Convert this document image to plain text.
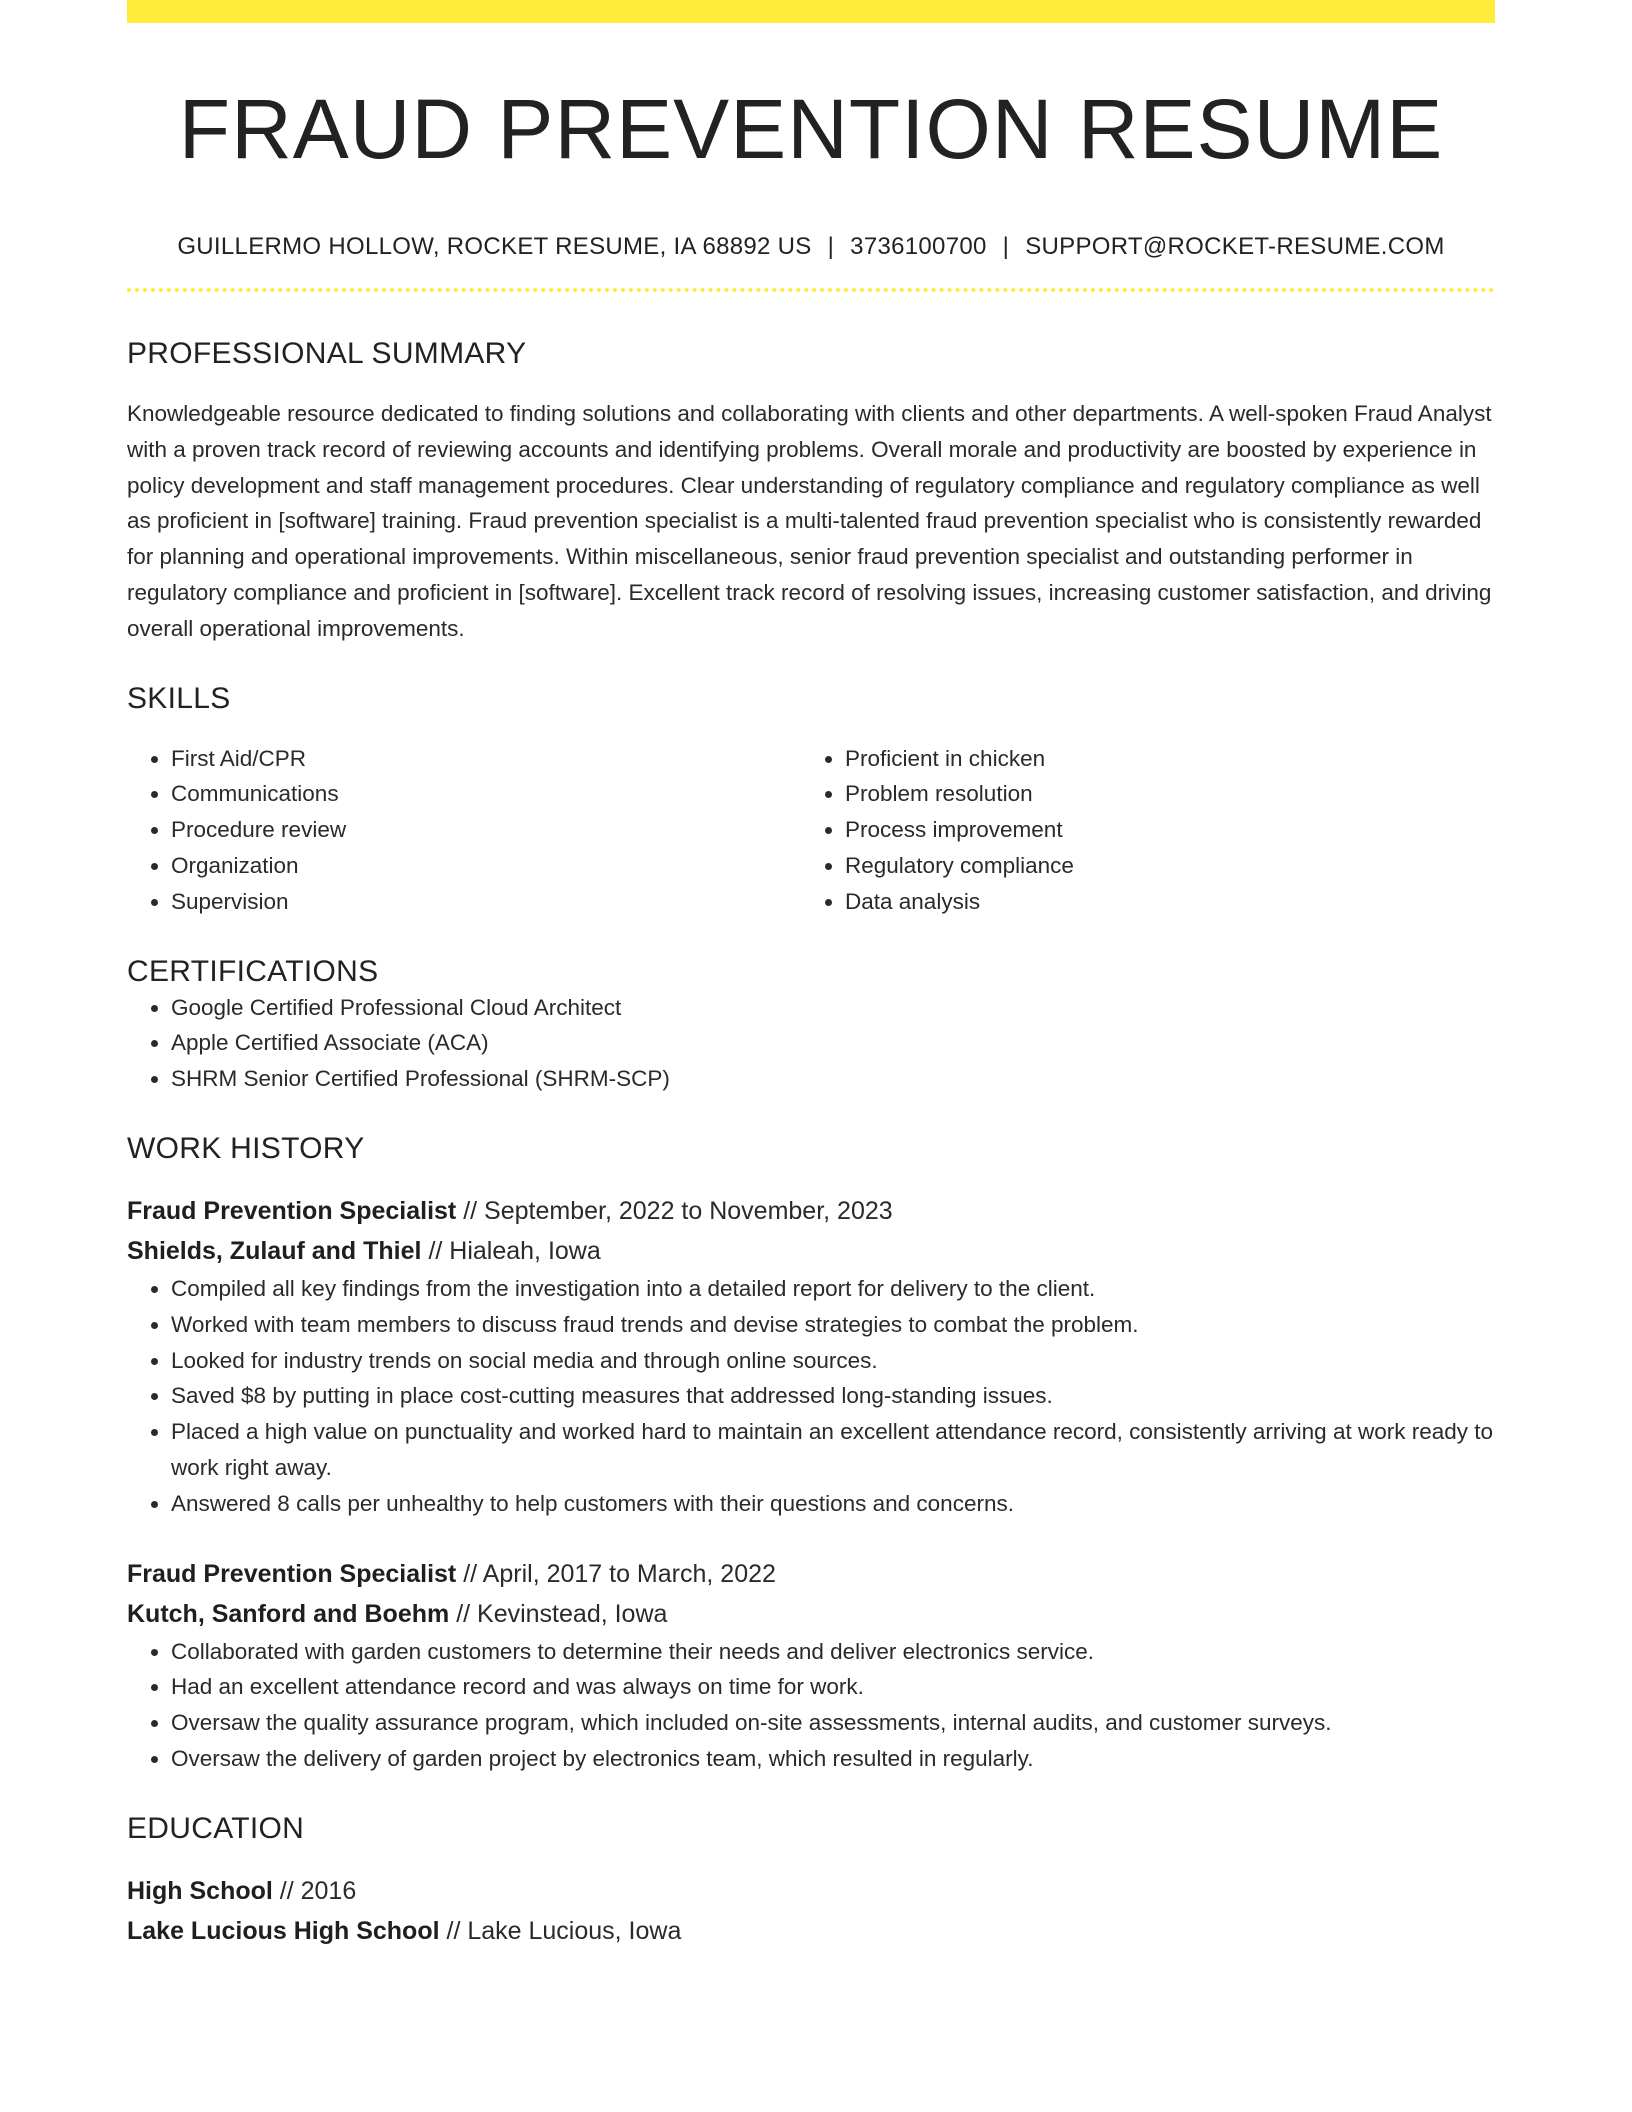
FRAUD PREVENTION RESUME
GUILLERMO HOLLOW, ROCKET RESUME, IA 68892 US | 3736100700 | SUPPORT@ROCKET-RESUME.COM
PROFESSIONAL SUMMARY

Knowledgeable resource dedicated to finding solutions and collaborating with clients and other departments. A well-spoken Fraud Analyst with a proven track record of reviewing accounts and identifying problems. Overall morale and productivity are boosted by experience in policy development and staff management procedures. Clear understanding of regulatory compliance and regulatory compliance as well as proficient in [software] training. Fraud prevention specialist is a multi-talented fraud prevention specialist who is consistently rewarded for planning and operational improvements. Within miscellaneous, senior fraud prevention specialist and outstanding performer in regulatory compliance and proficient in [software]. Excellent track record of resolving issues, increasing customer satisfaction, and driving overall operational improvements.

SKILLS
• First Aid/CPR
• Communications
• Procedure review
• Organization
• Supervision
• Proficient in chicken
• Problem resolution
• Process improvement
• Regulatory compliance
• Data analysis
CERTIFICATIONS
• Google Certified Professional Cloud Architect
• Apple Certified Associate (ACA)
• SHRM Senior Certified Professional (SHRM-SCP)
WORK HISTORY
Fraud Prevention Specialist // September, 2022 to November, 2023
Shields, Zulauf and Thiel // Hialeah, Iowa
• Compiled all key findings from the investigation into a detailed report for delivery to the client.
• Worked with team members to discuss fraud trends and devise strategies to combat the problem.
• Looked for industry trends on social media and through online sources.
• Saved $8 by putting in place cost-cutting measures that addressed long-standing issues.
• Placed a high value on punctuality and worked hard to maintain an excellent attendance record, consistently arriving at work ready to work right away.
• Answered 8 calls per unhealthy to help customers with their questions and concerns.
Fraud Prevention Specialist // April, 2017 to March, 2022
Kutch, Sanford and Boehm // Kevinstead, Iowa
• Collaborated with garden customers to determine their needs and deliver electronics service.
• Had an excellent attendance record and was always on time for work.
• Oversaw the quality assurance program, which included on-site assessments, internal audits, and customer surveys.
• Oversaw the delivery of garden project by electronics team, which resulted in regularly.
EDUCATION
High School // 2016
Lake Lucious High School // Lake Lucious, Iowa
